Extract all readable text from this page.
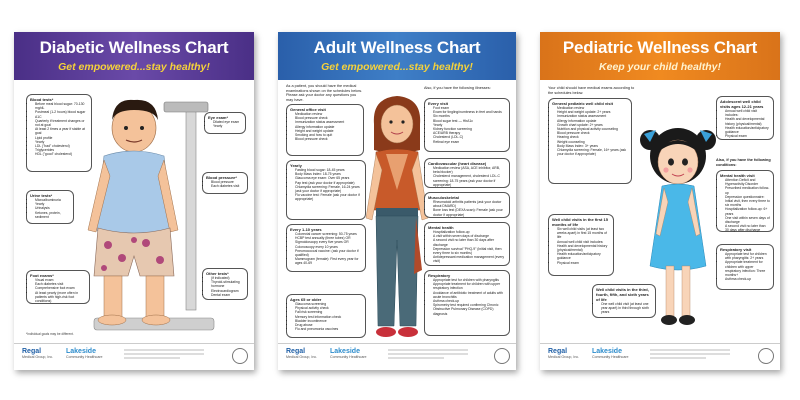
Diabetic Wellness Chart
Get empowered...stay healthy!
Blood tests*
• Before meal blood sugar: 70-130 mg/dL
• Postmeal (1-2 hours) blood sugar
• A1C
• Quarterly if treatment changes or not at goal
• At least 2 times a year if stable at goal
• Lipid profile
• Yearly
• LDL ("bad" cholesterol)
• Triglycerides
• HDL ("good" cholesterol)
Eye exam*
• Dilated eye exam
• Yearly
Blood pressure*
• Blood pressure
• Each diabetes visit
Urine tests*
• Microalbuminuria
• Yearly
• Urinalysis
• Ketones, protein, sediment
Other tests*
• (if indicated)
• Thyroid-stimulating hormone
• Electrocardiogram
• Dental exam
Foot exams*
• Visual exam
• Each diabetes visit
• Comprehensive foot exam
• At least yearly (more often in patients with high-risk foot conditions)
*Individual goals may be different.
Regal
Medical Group, Inc.
Lakeside
Community Healthcare
Adult Wellness Chart
Get empowered...stay healthy!
As a patient, you should have the medical examinations shown on the schedules below. Please ask your doctor any questions you may have.
Also, if you have the following illnesses:
General office visit
• Medication review
• Blood pressure check
• Immunization status assessment
• Allergy information update
• Height and weight update
• Smoking and how to quit
• Blood pressure check
Every visit
• Foot exam
• Exam for tingling/numbness in feet and hands
• Six months
• Blood sugar test — HbA1c
• Yearly
• Kidney function screening
• ACE/ARB therapy
• Cholesterol (LDL-C)
• Retinal eye exam
Cardiovascular (heart disease)
• Medication review (ASA, ACE inhibitor, ARB, beta blocker)
• Cholesterol management, cholesterol LDL-C screening: 18-75 years (ask your doctor if appropriate)
Musculoskeletal
• Rheumatoid arthritis patients (ask your doctor about DMARD)
• Bone loss test (DEXA scan): Female (ask your doctor if appropriate)
Yearly
• Fasting blood sugar: 18-45 years
• Body Mass Index: 18-75 years
• Glaucoma eye exam: Over 65 years
• Pap test (ask your doctor if appropriate)
• Chlamydia screening: Female, 16-24 years (ask your doctor if appropriate)
• Flu vaccine test: Female (ask your doctor if appropriate)
Mental health
• Hospitalization follow-up
• A visit within seven days of discharge
• A second visit no later than 30 days after discharge
• Depression survival "PHQ-9" (Initial visit, then every three to six months)
• Antidepressant medication management (every visit)
Every 1-10 years
• Colorectal cancer screening: 50-75 years
• HCBP test annually (three tubes) OR
• Sigmoidoscopy every five years OR
• Colonoscopy every 10 years
• Pneumococcal vaccine: (ask your doctor if qualified)
• Mammogram (female): First every year for ages 40-69
Respiratory
• Appropriate test for children with pharyngitis
• Appropriate treatment for children with upper respiratory infection
• Avoidance of antibiotic treatment of adults with acute bronchitis
• Asthma check-up
• Spirometry test required confirming Chronic Obstructive Pulmonary Disease (COPD) diagnosis
Ages 65 or older
• Glaucoma screening
• Physical activity check
• Fall risk screening
• Memory test information check
• Bladder incontinence
• Drug abuse
• Flu and pneumonia vaccines
Regal
Medical Group, Inc.
Lakeside
Community Healthcare
Pediatric Wellness Chart
Keep your child healthy!
Your child should have medical exams according to the schedules below.
General pediatric well child visit
• Medication review
• Height and weight update: 2+ years
• Immunization status assessment
• Allergy information update
• Growth chart update: 2+ years
• Nutrition and physical activity counseling
• Blood pressure check
• Hearing check
• Weight counseling
• Body Mass Index: 3+ years
• Chlamydia screening: Female, 16+ years (ask your doctor if appropriate)
Adolescent well child visits ages 12-21 years
• Annual well child visit includes:
• Health and developmental history (physical/mental)
• Health education/anticipatory guidance
• Physical exam
Also, if you have the following conditions:
Mental health visit
• Attention Deficit and Hyperactivity Disorder
• Prescribed medication follow-up
• Depression questionnaire: Initial visit, then every three to six months
• Hospitalization follow-up: 6+ years
• One visit within seven days of discharge
• A second visit no later than 30 days after discharge
Well child visits in the first 15 months of life
• Six well child visits (at least two weeks apart) in first 15 months of life
• Annual well child visit includes:
• Health and developmental history (physical/mental)
• Health education/anticipatory guidance
• Physical exam
Respiratory visit
• Appropriate test for children with pharyngitis: 2+ years
• Appropriate treatment for children with upper respiratory infection: Three months+
• Asthma check-up
Well child visits in the third, fourth, fifth, and sixth years of life
• One well child visit (at least one year apart) in third through sixth years
Regal
Medical Group, Inc.
Lakeside
Community Healthcare
